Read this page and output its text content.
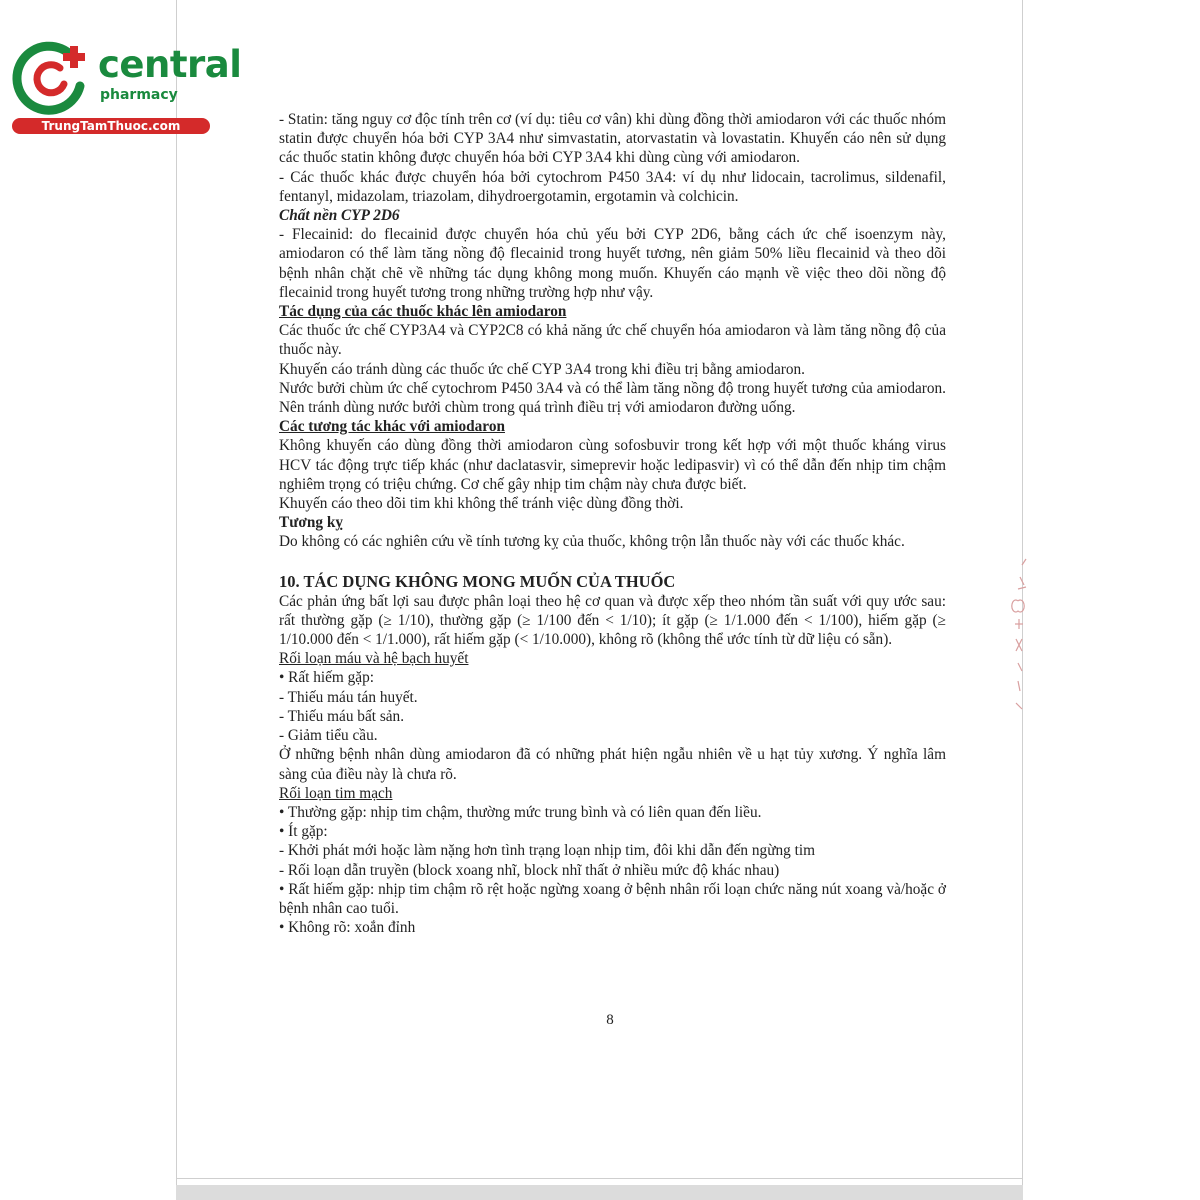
central
pharmacy
TrungTamThuoc.com	- Statin: tăng nguy cơ độc tính trên cơ (ví dụ: tiêu cơ vân) khi dùng đồng thời amiodaron với các thuốc nhóm statin được chuyển hóa bởi CYP 3A4 như simvastatin, atorvastatin và lovastatin. Khuyến cáo nên sử dụng các thuốc statin không được chuyển hóa bởi CYP 3A4 khi dùng cùng với amiodaron.

- Các thuốc khác được chuyển hóa bởi cytochrom P450 3A4: ví dụ như lidocain, tacrolimus, sildenafil, fentanyl, midazolam, triazolam, dihydroergotamin, ergotamin và colchicin.

Chất nền CYP 2D6

- Flecainid: do flecainid được chuyển hóa chủ yếu bởi CYP 2D6, bằng cách ức chế isoenzym này, amiodaron có thể làm tăng nồng độ flecainid trong huyết tương, nên giảm 50% liều flecainid và theo dõi bệnh nhân chặt chẽ về những tác dụng không mong muốn. Khuyến cáo mạnh về việc theo dõi nồng độ flecainid trong huyết tương trong những trường hợp như vậy.

Tác dụng của các thuốc khác lên amiodaron

Các thuốc ức chế CYP3A4 và CYP2C8 có khả năng ức chế chuyển hóa amiodaron và làm tăng nồng độ của thuốc này.

Khuyến cáo tránh dùng các thuốc ức chế CYP 3A4 trong khi điều trị bằng amiodaron.

Nước bưởi chùm ức chế cytochrom P450 3A4 và có thể làm tăng nồng độ trong huyết tương của amiodaron. Nên tránh dùng nước bưởi chùm trong quá trình điều trị với amiodaron đường uống.

Các tương tác khác với amiodaron

Không khuyến cáo dùng đồng thời amiodaron cùng sofosbuvir trong kết hợp với một thuốc kháng virus HCV tác động trực tiếp khác (như daclatasvir, simeprevir hoặc ledipasvir) vì có thể dẫn đến nhịp tim chậm nghiêm trọng có triệu chứng. Cơ chế gây nhịp tim chậm này chưa được biết.

Khuyến cáo theo dõi tim khi không thể tránh việc dùng đồng thời.

Tương kỵ

Do không có các nghiên cứu về tính tương kỵ của thuốc, không trộn lẫn thuốc này với các thuốc khác.

10. TÁC DỤNG KHÔNG MONG MUỐN CỦA THUỐC

Các phản ứng bất lợi sau được phân loại theo hệ cơ quan và được xếp theo nhóm tần suất với quy ước sau: rất thường gặp (≥ 1/10), thường gặp (≥ 1/100 đến < 1/10); ít gặp (≥ 1/1.000 đến < 1/100), hiếm gặp (≥ 1/10.000 đến < 1/1.000), rất hiếm gặp (< 1/10.000), không rõ (không thể ước tính từ dữ liệu có sẵn).

Rối loạn máu và hệ bạch huyết

• Rất hiếm gặp:

- Thiếu máu tán huyết.

- Thiếu máu bất sản.

- Giảm tiểu cầu.

Ở những bệnh nhân dùng amiodaron đã có những phát hiện ngẫu nhiên về u hạt tủy xương. Ý nghĩa lâm sàng của điều này là chưa rõ.

Rối loạn tim mạch

• Thường gặp: nhịp tim chậm, thường mức trung bình và có liên quan đến liều.

• Ít gặp:

- Khởi phát mới hoặc làm nặng hơn tình trạng loạn nhịp tim, đôi khi dẫn đến ngừng tim

- Rối loạn dẫn truyền (block xoang nhĩ, block nhĩ thất ở nhiều mức độ khác nhau)

• Rất hiếm gặp: nhịp tim chậm rõ rệt hoặc ngừng xoang ở bệnh nhân rối loạn chức năng nút xoang và/hoặc ở bệnh nhân cao tuổi.

• Không rõ: xoắn đỉnh

8
